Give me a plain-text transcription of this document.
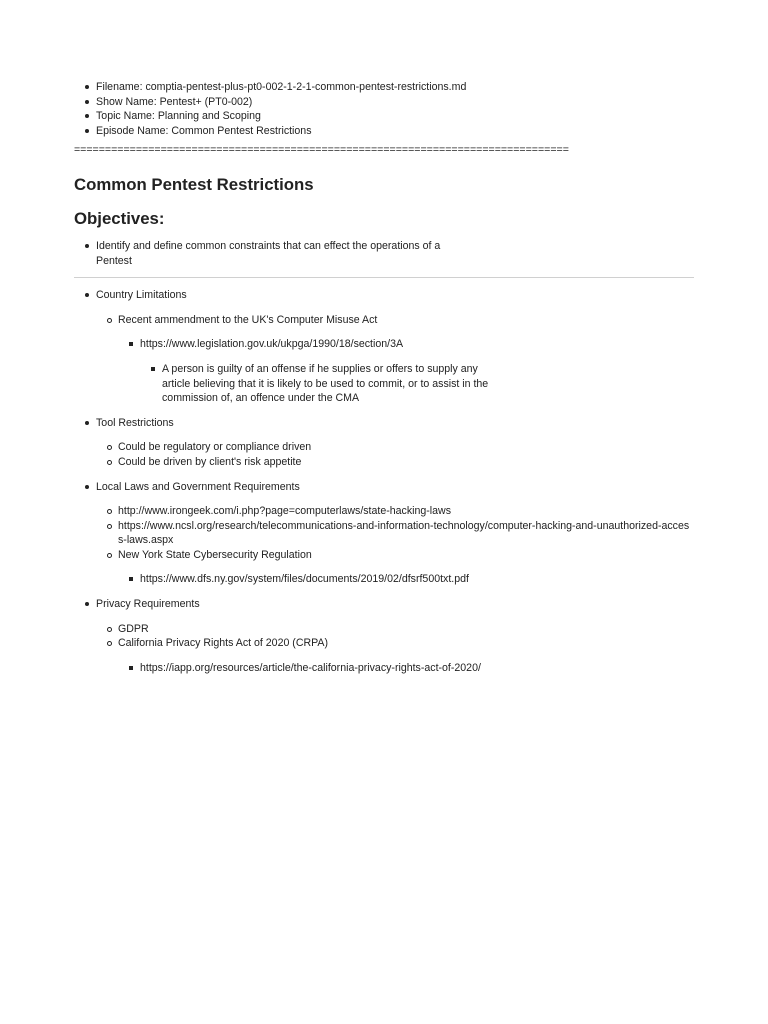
Filename: comptia-pentest-plus-pt0-002-1-2-1-common-pentest-restrictions.md
Show Name: Pentest+ (PT0-002)
Topic Name: Planning and Scoping
Episode Name: Common Pentest Restrictions
================================================================================
Common Pentest Restrictions
Objectives:
Identify and define common constraints that can effect the operations of a Pentest
Country Limitations
Recent ammendment to the UK's Computer Misuse Act
https://www.legislation.gov.uk/ukpga/1990/18/section/3A
A person is guilty of an offense if he supplies or offers to supply any article believing that it is likely to be used to commit, or to assist in the commission of, an offence under the CMA
Tool Restrictions
Could be regulatory or compliance driven
Could be driven by client's risk appetite
Local Laws and Government Requirements
http://www.irongeek.com/i.php?page=computerlaws/state-hacking-laws
https://www.ncsl.org/research/telecommunications-and-information-technology/computer-hacking-and-unauthorized-access-laws.aspx
New York State Cybersecurity Regulation
https://www.dfs.ny.gov/system/files/documents/2019/02/dfsrf500txt.pdf
Privacy Requirements
GDPR
California Privacy Rights Act of 2020 (CRPA)
https://iapp.org/resources/article/the-california-privacy-rights-act-of-2020/
